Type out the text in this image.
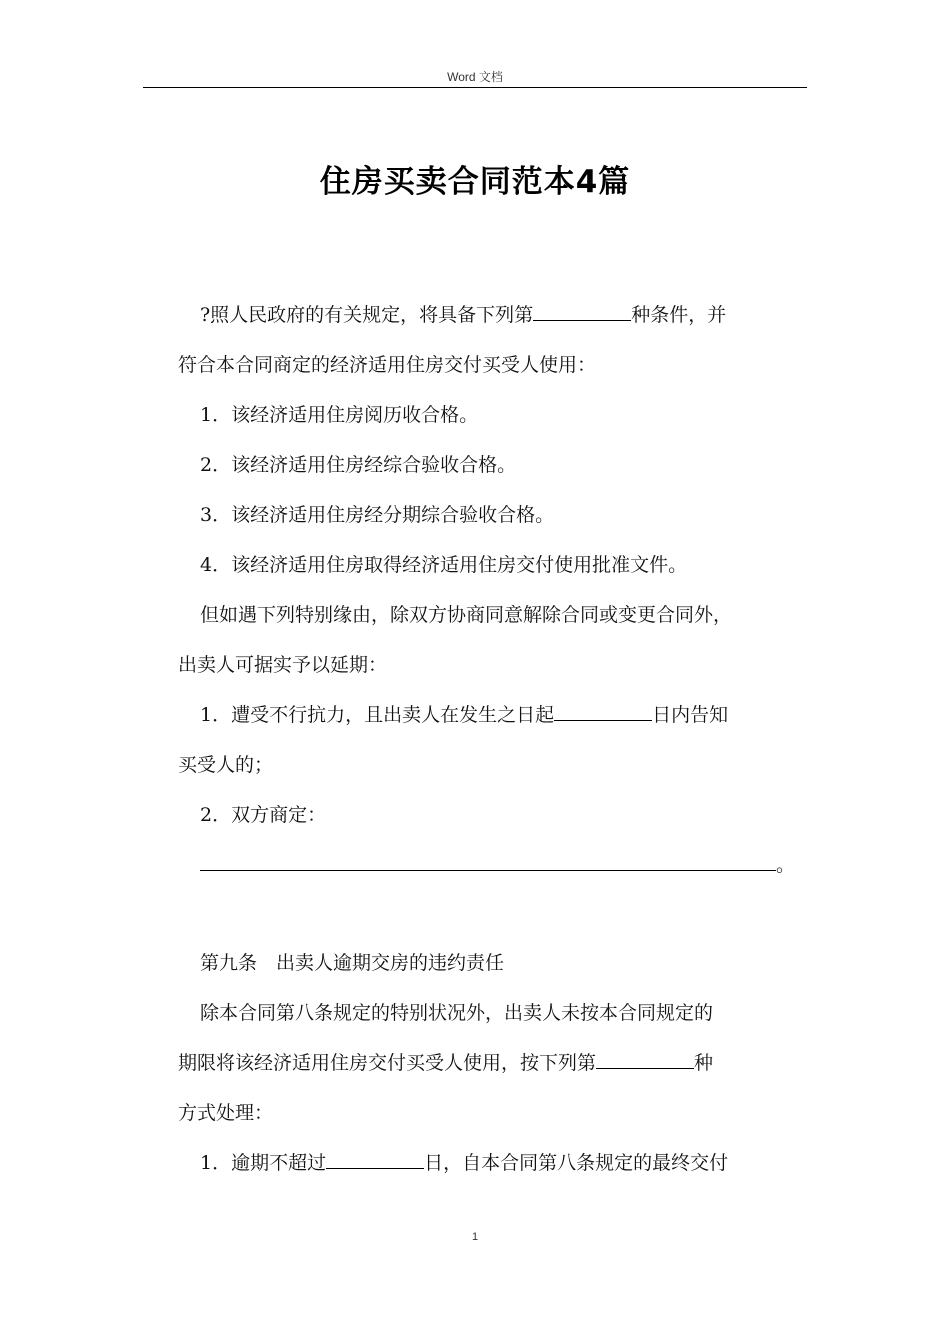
Word 文档
住房买卖合同范本4篇
?照人民政府的有关规定，将具备下列第	种条件，并
符合本合同商定的经济适用住房交付买受人使用：
1．该经济适用住房阅历收合格。
2．该经济适用住房经综合验收合格。
3．该经济适用住房经分期综合验收合格。
4．该经济适用住房取得经济适用住房交付使用批准文件。
但如遇下列特别缘由，除双方协商同意解除合同或变更合同外，
出卖人可据实予以延期：
1．遭受不行抗力，且出卖人在发生之日起	日内告知
买受人的；
2．双方商定：
。
第九条　出卖人逾期交房的违约责任
除本合同第八条规定的特别状况外，出卖人未按本合同规定的
期限将该经济适用住房交付买受人使用，按下列第	种
方式处理：
1．逾期不超过	日，自本合同第八条规定的最终交付
1
